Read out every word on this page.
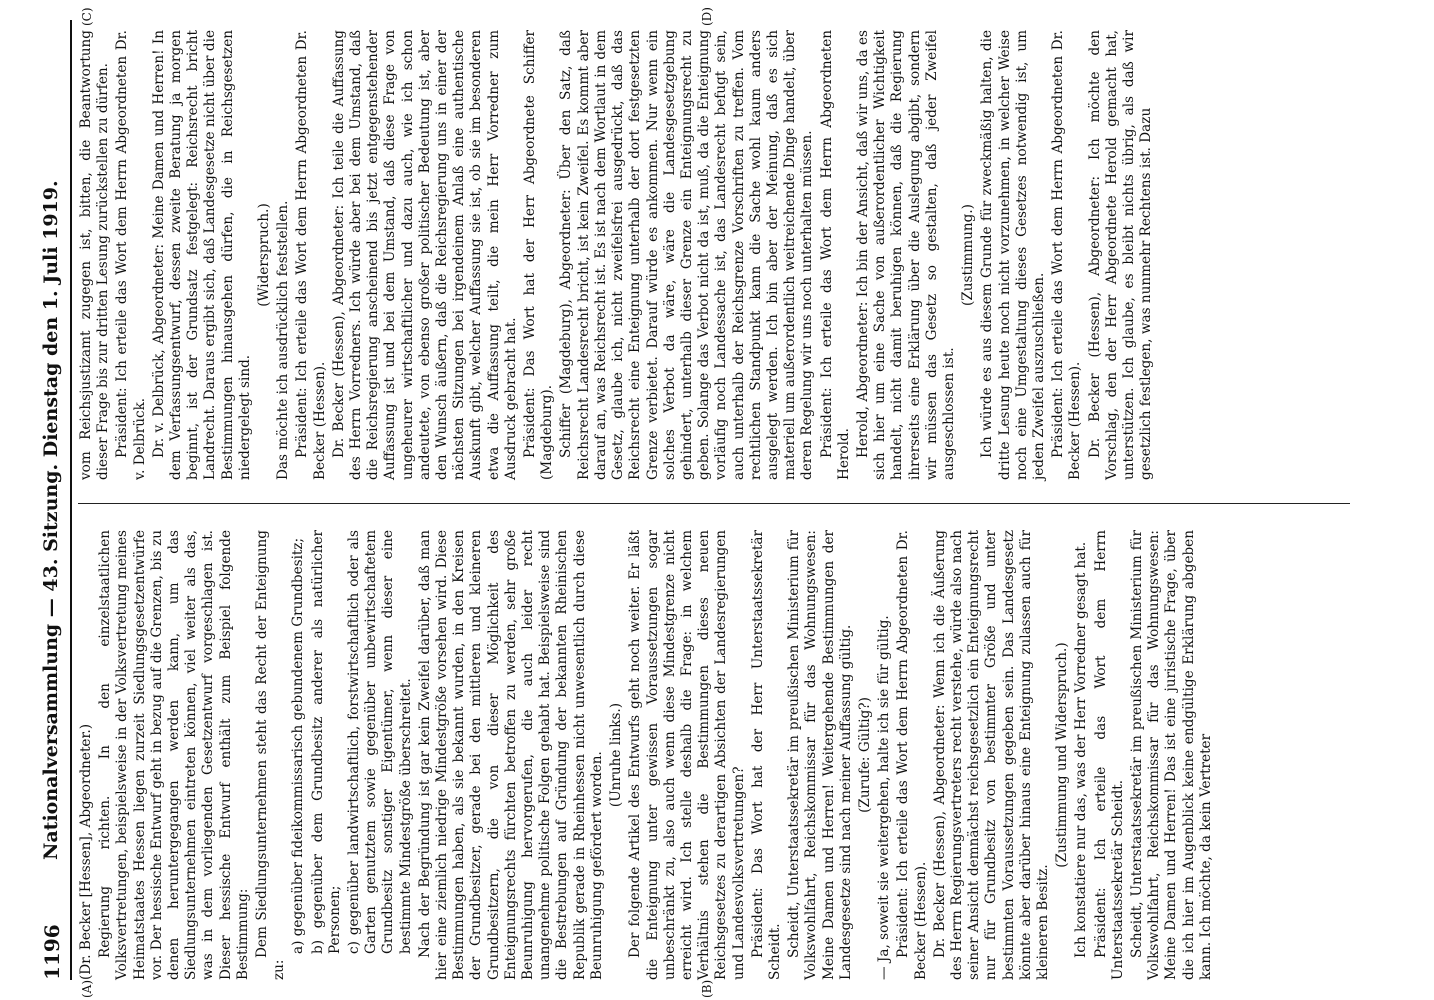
1196
Nationalversammlung — 43. Sitzung. Dienstag den 1. Juli 1919. (Dr. Becker [Hessen], Abgeordneter.) Regierung richten. In den einzelstaatlichen Volksvertretungen, beispielsweise in der Volksvertretung meines Heimatstaates Hessen liegen zurzeit Siedlungsgesetzentwürfe vor. Der hessische Entwurf geht in bezug auf die Grenzen, bis zu denen heruntergegangen werden kann, um das Siedlungsunternehmen eintreten können, viel weiter als das, was in dem vorliegenden Gesetzentwurf vorgeschlagen ist. Dieser hessische Entwurf enthält zum Beispiel folgende Bestimmung: Dem Siedlungsunternehmen steht das Recht der Enteignung zu:

a) gegenüber fideikommissarisch gebundenem Grundbesitz; b) gegenüber dem Grundbesitz anderer als natürlicher Personen; c) gegenüber landwirtschaftlich, forstwirtschaftlich oder als Garten genutztem sowie gegenüber unbewirtschaftetem Grundbesitz sonstiger Eigentümer, wenn dieser eine bestimmte Mindestgröße überschreitet. Nach der Begründung ist gar kein Zweifel darüber, daß man hier eine ziemlich niedrige Mindestgröße vorsehen wird. Diese Bestimmungen haben, als sie bekannt wurden, in den Kreisen der Grundbesitzer, gerade bei den mittleren und kleineren Grundbesitzern, die von dieser Möglichkeit des Enteignungsrechts fürchten betroffen zu werden, sehr große Beunruhigung hervorgerufen, die auch leider recht unangenehme politische Folgen gehabt hat. Beispielsweise sind die Bestrebungen auf Gründung der bekannten Rheinischen Republik gerade in Rheinhessen nicht unwesentlich durch diese Beunruhigung gefördert worden. (Unruhe links.) Der folgende Artikel des Entwurfs geht noch weiter. Er läßt die Enteignung unter gewissen Voraussetzungen sogar unbeschränkt zu, also auch wenn diese Mindestgrenze nicht erreicht wird. Ich stelle deshalb die Frage: in welchem Verhältnis stehen die Bestimmungen dieses neuen Reichsgesetzes zu derartigen Absichten der Landesregierungen und Landesvolksvertretungen? Präsident: Das Wort hat der Herr Unterstaatssekretär Scheidt. Scheidt, Unterstaatssekretär im preußischen Ministerium für Volkswohlfahrt, Reichskommissar für das Wohnungswesen: Meine Damen und Herren! Weitergehende Bestimmungen der Landesgesetze sind nach meiner Auffassung gültig. (Zurufe: Gültig?) — Ja, soweit sie weitergehen, halte ich sie für gültig. Präsident: Ich erteile das Wort dem Herrn Abgeordneten Dr. Becker (Hessen). Dr. Becker (Hessen), Abgeordneter: Wenn ich die Äußerung des Herrn Regierungsvertreters recht verstehe, würde also nach seiner Ansicht demnächst reichsgesetzlich ein Enteignungsrecht nur für Grundbesitz von bestimmter Größe und unter bestimmten Voraussetzungen gegeben sein. Das Landesgesetz könnte aber darüber hinaus eine Enteignung zulassen auch für kleineren Besitz.

(Zustimmung und Widerspruch.) Ich konstatiere nur das, was der Herr Vorredner gesagt hat. Präsident: Ich erteile das Wort dem Herrn Unterstaatssekretär Scheidt. Scheidt, Unterstaatssekretär im preußischen Ministerium für Volkswohlfahrt, Reichskommissar für das Wohnungswesen: Meine Damen und Herren! Das ist eine juristische Frage, über die ich hier im Augenblick keine endgültige Erklärung abgeben kann. Ich möchte, da kein Vertreter

vom Reichsjustizamt zugegen ist, bitten, die Beantwortung dieser Frage bis zur dritten Lesung zurückstellen zu dürfen. Präsident: Ich erteile das Wort dem Herrn Abgeordneten Dr. v. Delbrück. Dr. v. Delbrück, Abgeordneter: Meine Damen und Herren! In dem Verfassungsentwurf, dessen zweite Beratung ja morgen beginnt, ist der Grundsatz festgelegt: Reichsrecht bricht Landrecht. Daraus ergibt sich, daß Landesgesetze nicht über die Bestimmungen hinausgehen dürfen, die in Reichsgesetzen niedergelegt sind.

(Widerspruch.) Das möchte ich ausdrücklich feststellen. Präsident: Ich erteile das Wort dem Herrn Abgeordneten Dr. Becker (Hessen). Dr. Becker (Hessen), Abgeordneter: Ich teile die Auffassung des Herrn Vorredners. Ich würde aber bei dem Umstand, daß die Reichsregierung anscheinend bis jetzt entgegenstehender Auffassung ist und bei dem Umstand, daß diese Frage von ungeheurer wirtschaftlicher und dazu auch, wie ich schon andeutete, von ebenso großer politischer Bedeutung ist, aber den Wunsch äußern, daß die Reichsregierung uns in einer der nächsten Sitzungen bei irgendeinem Anlaß eine authentische Auskunft gibt, welcher Auffassung sie ist, ob sie im besonderen etwa die Auffassung teilt, die mein Herr Vorredner zum Ausdruck gebracht hat. Präsident: Das Wort hat der Herr Abgeordnete Schiffer (Magdeburg). Schiffer (Magdeburg), Abgeordneter: Über den Satz, daß Reichsrecht Landesrecht bricht, ist kein Zweifel. Es kommt aber darauf an, was Reichsrecht ist. Es ist nach dem Wortlaut in dem Gesetz, glaube ich, nicht zweifelsfrei ausgedrückt, daß das Reichsrecht eine Enteignung unterhalb der dort festgesetzten Grenze verbietet. Darauf würde es ankommen. Nur wenn ein solches Verbot da wäre, wäre die Landesgesetzgebung gehindert, unterhalb dieser Grenze ein Enteignungsrecht zu geben. Solange das Verbot nicht da ist, muß, da die Enteignung vorläufig noch Landessache ist, das Landesrecht befugt sein, auch unterhalb der Reichsgrenze Vorschriften zu treffen. Vom rechtlichen Standpunkt kann die Sache wohl kaum anders ausgelegt werden. Ich bin aber der Meinung, daß es sich materiell um außerordentlich weitreichende Dinge handelt, über deren Regelung wir uns noch unterhalten müssen. Präsident: Ich erteile das Wort dem Herrn Abgeordneten Herold. Herold, Abgeordneter: Ich bin der Ansicht, daß wir uns, da es sich hier um eine Sache von außerordentlicher Wichtigkeit handelt, nicht damit beruhigen können, daß die Regierung ihrerseits eine Erklärung über die Auslegung abgibt, sondern wir müssen das Gesetz so gestalten, daß jeder Zweifel ausgeschlossen ist.

(Zustimmung.) Ich würde es aus diesem Grunde für zweckmäßig halten, die dritte Lesung heute noch nicht vorzunehmen, in welcher Weise noch eine Umgestaltung dieses Gesetzes notwendig ist, um jeden Zweifel auszuschließen. Präsident: Ich erteile das Wort dem Herrn Abgeordneten Dr. Becker (Hessen). Dr. Becker (Hessen), Abgeordneter: Ich möchte den Vorschlag, den der Herr Abgeordnete Herold gemacht hat, unterstützen. Ich glaube, es bleibt nichts übrig, als daß wir gesetzlich festlegen, was nunmehr Rechtens ist. Dazu

(A)	(B)
(C)	(D)
